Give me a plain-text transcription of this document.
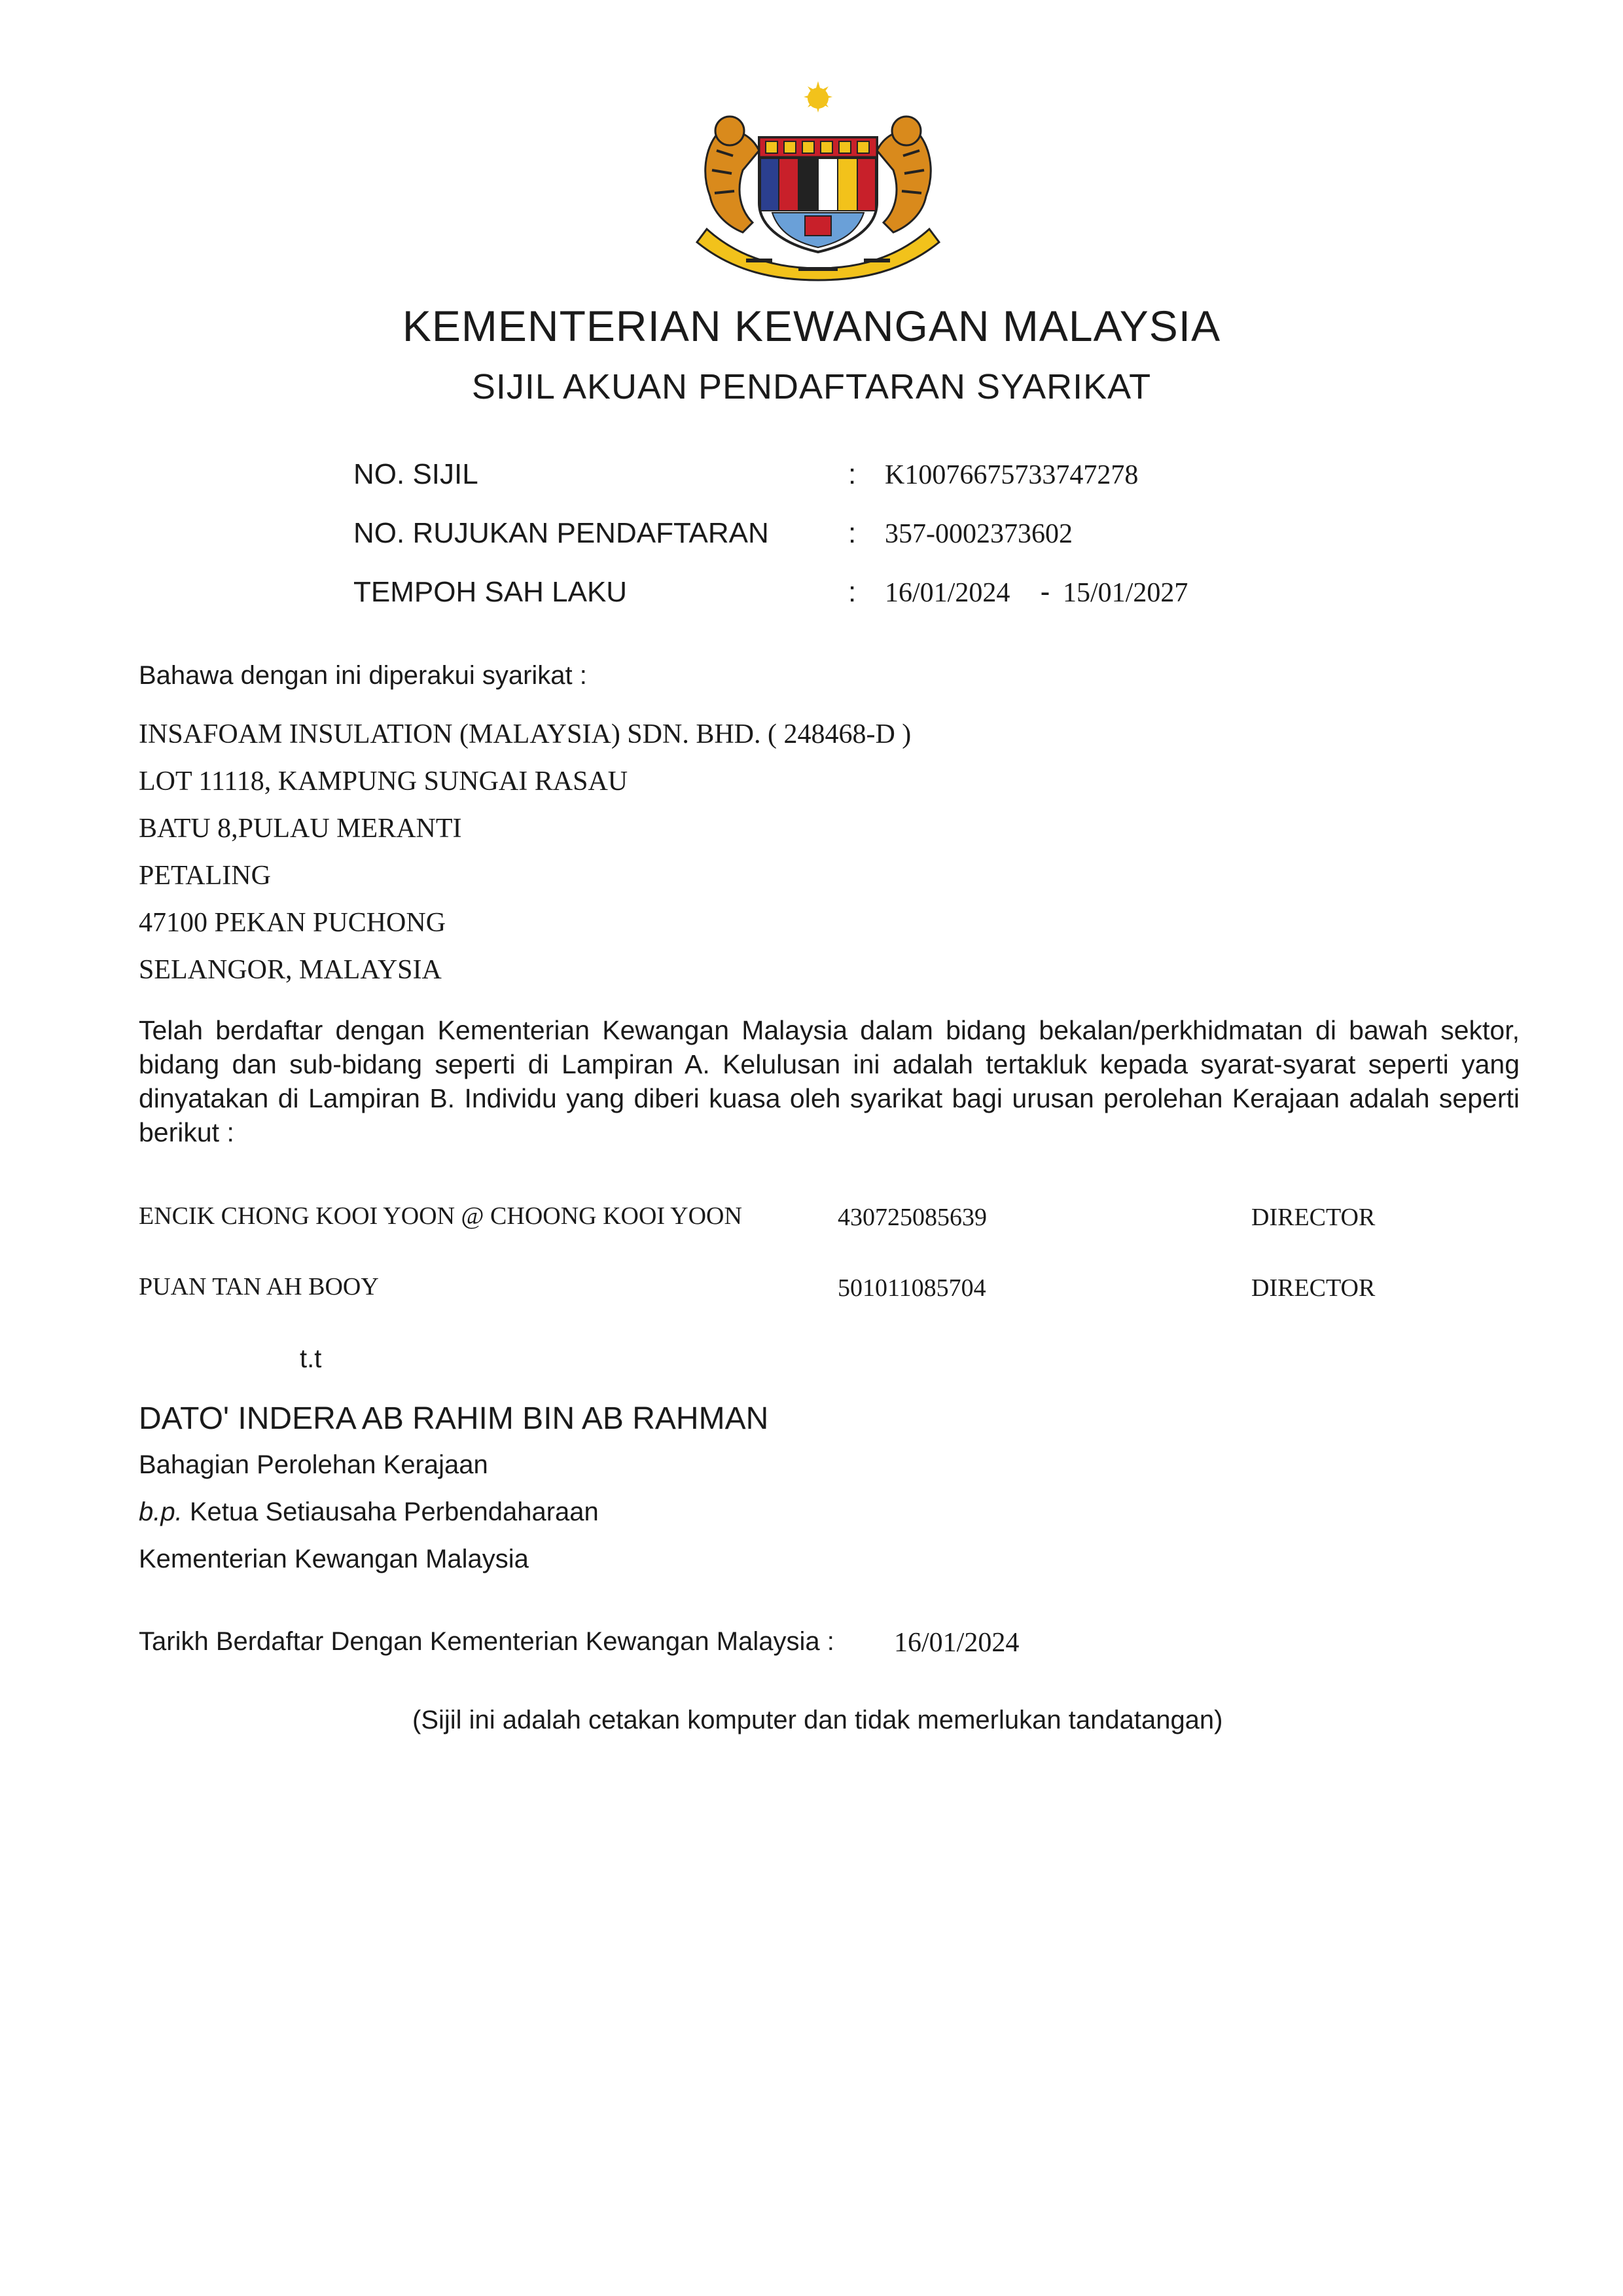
KEMENTERIAN KEWANGAN MALAYSIA
SIJIL AKUAN PENDAFTARAN SYARIKAT
NO. SIJIL	: K10076675733747278
NO. RUJUKAN PENDAFTARAN	: 357-0002373602
TEMPOH SAH LAKU	: 16/01/2024 - 15/01/2027
Bahawa dengan ini diperakui syarikat :
INSAFOAM INSULATION (MALAYSIA) SDN. BHD. ( 248468-D )
LOT 11118, KAMPUNG SUNGAI RASAU
BATU 8,PULAU MERANTI
PETALING
47100 PEKAN PUCHONG
SELANGOR, MALAYSIA
Telah berdaftar dengan Kementerian Kewangan Malaysia dalam bidang bekalan/perkhidmatan di bawah sektor, bidang dan sub-bidang seperti di Lampiran A. Kelulusan ini adalah tertakluk kepada syarat-syarat seperti yang dinyatakan di Lampiran B. Individu yang diberi kuasa oleh syarikat bagi urusan perolehan Kerajaan adalah seperti berikut :
ENCIK CHONG KOOI YOON @ CHOONG KOOI YOON	430725085639	DIRECTOR
PUAN TAN AH BOOY	501011085704	DIRECTOR
t.t
DATO' INDERA AB RAHIM BIN AB RAHMAN
Bahagian Perolehan Kerajaan
b.p. Ketua Setiausaha Perbendaharaan
Kementerian Kewangan Malaysia
Tarikh Berdaftar Dengan Kementerian Kewangan Malaysia : 16/01/2024
(Sijil ini adalah cetakan komputer dan tidak memerlukan tandatangan)
